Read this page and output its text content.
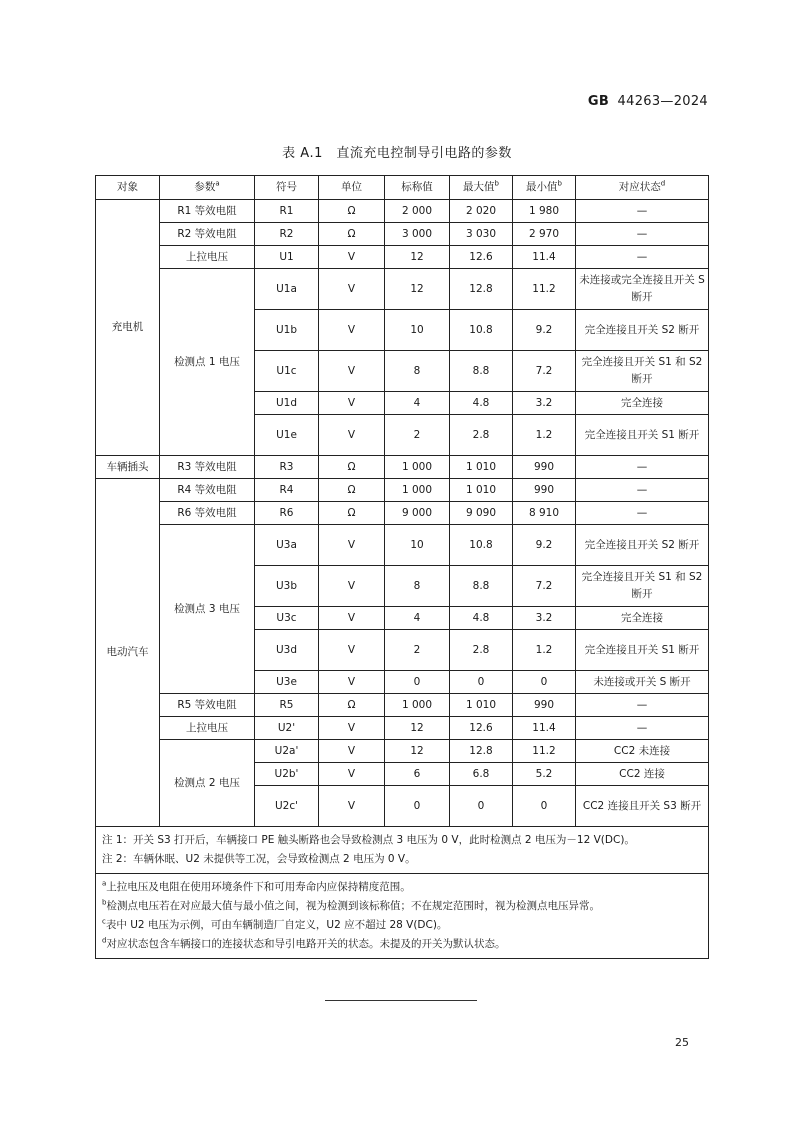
GB 44263—2024
表 A.1　直流充电控制导引电路的参数
对象	参数$^a$	符号	单位	标称值	最大值$^b$	最小值$^b$	对应状态$^d$
充电机	R1 等效电阻	R1	Ω	2 000	2 020	1 980	—
	R2 等效电阻	R2	Ω	3 000	3 030	2 970	—
	上拉电压	U1	V	12	12.6	11.4	—
	检测点 1 电压	U1a	V	12	12.8	11.2	未连接或完全连接且开关 S 断开
		U1b	V	10	10.8	9.2	完全连接且开关 S2 断开
		U1c	V	8	8.8	7.2	完全连接且开关 S1 和 S2 断开
		U1d	V	4	4.8	3.2	完全连接
		U1e	V	2	2.8	1.2	完全连接且开关 S1 断开
车辆插头	R3 等效电阻	R3	Ω	1 000	1 010	990	—
电动汽车	R4 等效电阻	R4	Ω	1 000	1 010	990	—
	R6 等效电阻	R6	Ω	9 000	9 090	8 910	—
	检测点 3 电压	U3a	V	10	10.8	9.2	完全连接且开关 S2 断开
		U3b	V	8	8.8	7.2	完全连接且开关 S1 和 S2 断开
		U3c	V	4	4.8	3.2	完全连接
		U3d	V	2	2.8	1.2	完全连接且开关 S1 断开
		U3e	V	0	0	0	未连接或开关 S 断开
	R5 等效电阻	R5	Ω	1 000	1 010	990	—
	上拉电压	U2'	V	12	12.6	11.4	—
	检测点 2 电压	U2a'	V	12	12.8	11.2	CC2 未连接
		U2b'	V	6	6.8	5.2	CC2 连接
		U2c'	V	0	0	0	CC2 连接且开关 S3 断开

注 1：开关 S3 打开后，车辆接口 PE 触头断路也会导致检测点 3 电压为 0 V，此时检测点 2 电压为－12 V(DC)。
注 2：车辆休眠、U2 未提供等工况，会导致检测点 2 电压为 0 V。							

$^a$上拉电压及电阻在使用环境条件下和可用寿命内应保持精度范围。
$^b$检测点电压若在对应最大值与最小值之间，视为检测到该标称值；不在规定范围时，视为检测点电压异常。
$^c$表中 U2 电压为示例，可由车辆制造厂自定义，U2 应不超过 28 V(DC)。
$^d$对应状态包含车辆接口的连接状态和导引电路开关的状态。未提及的开关为默认状态。							
25
